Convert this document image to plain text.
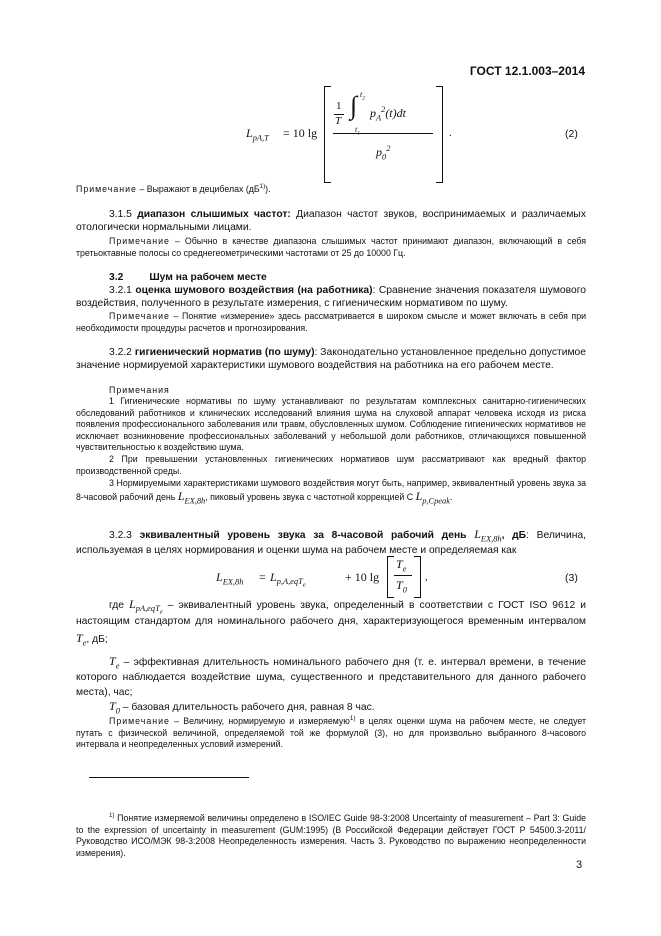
ГОСТ 12.1.003–2014
$L_{pA,T} = 10$ lg
1
T
$t_2$
∫
$t_1$
$p_A^2(t)dt$
$p_0^2$
.	(2)
Примечание – Выражают в децибелах $(дБ^{1)})$.
3.1.5 диапазон слышимых частот: Диапазон частот звуков, воспринимаемых и различаемых отологически нормальными лицами.
Примечание – Обычно в качестве диапазона слышимых частот принимают диапазон, включающий в себя третьоктавные полосы со среднегеометрическими частотами от 25 до 10000 Гц.
3.2	Шум на рабочем месте
3.2.1 оценка шумового воздействия (на работника): Сравнение значения показателя шумового воздействия, полученного в результате измерения, с гигиеническим нормативом по шуму.
Примечание – Понятие «измерение» здесь рассматривается в широком смысле и может включать в себя при необходимости процедуры расчетов и прогнозирования.
3.2.2 гигиенический норматив (по шуму): Законодательно установленное предельно допустимое значение нормируемой характеристики шумового воздействия на работника на его рабочем месте.
Примечания
1 Гигиенические нормативы по шуму устанавливают по результатам комплексных санитарно-гигиенических обследований работников и клинических исследований влияния шума на слуховой аппарат человека исходя из риска появления профессионального заболевания или травм, обусловленных шумом. Соблюдение гигиенических нормативов не исключает возникновение профессиональных заболеваний у небольшой доли работников, отличающихся повышенной чувствительностью к воздействию шума.
2 При превышении установленных гигиенических нормативов шум рассматривают как вредный фактор производственной среды.
3 Нормируемыми характеристиками шумового воздействия могут быть, например, эквивалентный уровень звука за 8-часовой рабочий день $L_{EX,8h}$, пиковый уровень звука с частотной коррекцией С $L_{p,Cpeak}$.
3.2.3 эквивалентный уровень звука за 8-часовой рабочий день $L_{EX,8h}$, дБ: Величина, используемая в целях нормирования и оценки шума на рабочем месте и определяемая как
$L_{EX,8h} = L_{p,A,eqT_e}$
+ 10 lg
$T_e$
$T_0$
,	(3)
где $L_{pA,eqT_e}$ – эквивалентный уровень звука, определенный в соответствии с ГОСТ ISO 9612 и настоящим стандартом для номинального рабочего дня, характеризующегося временным интервалом $T_e$, дБ;
$T_e$ – эффективная длительность номинального рабочего дня (т. е. интервал времени, в течение которого наблюдается воздействие шума, существенного и представительного для данного рабочего места), час;
$T_0$ – базовая длительность рабочего дня, равная 8 час.
Примечание – Величину, нормируемую и измеряемую$^{1)}$ в целях оценки шума на рабочем месте, не следует путать с физической величиной, определяемой той же формулой (3), но для произвольно выбранного 8-часового интервала и неопределенных условий измерений.
$^{1)}$ Понятие измеряемой величины определено в ISO/IEC Guide 98-3:2008 Uncertainty of measurement – Part 3: Guide to the expression of uncertainty in measurement (GUM:1995) (В Российской Федерации действует ГОСТ Р 54500.3-2011/Руководство ИСО/МЭК 98-3:2008 Неопределенность измерения. Часть 3. Руководство по выражению неопределенности измерения).
3
